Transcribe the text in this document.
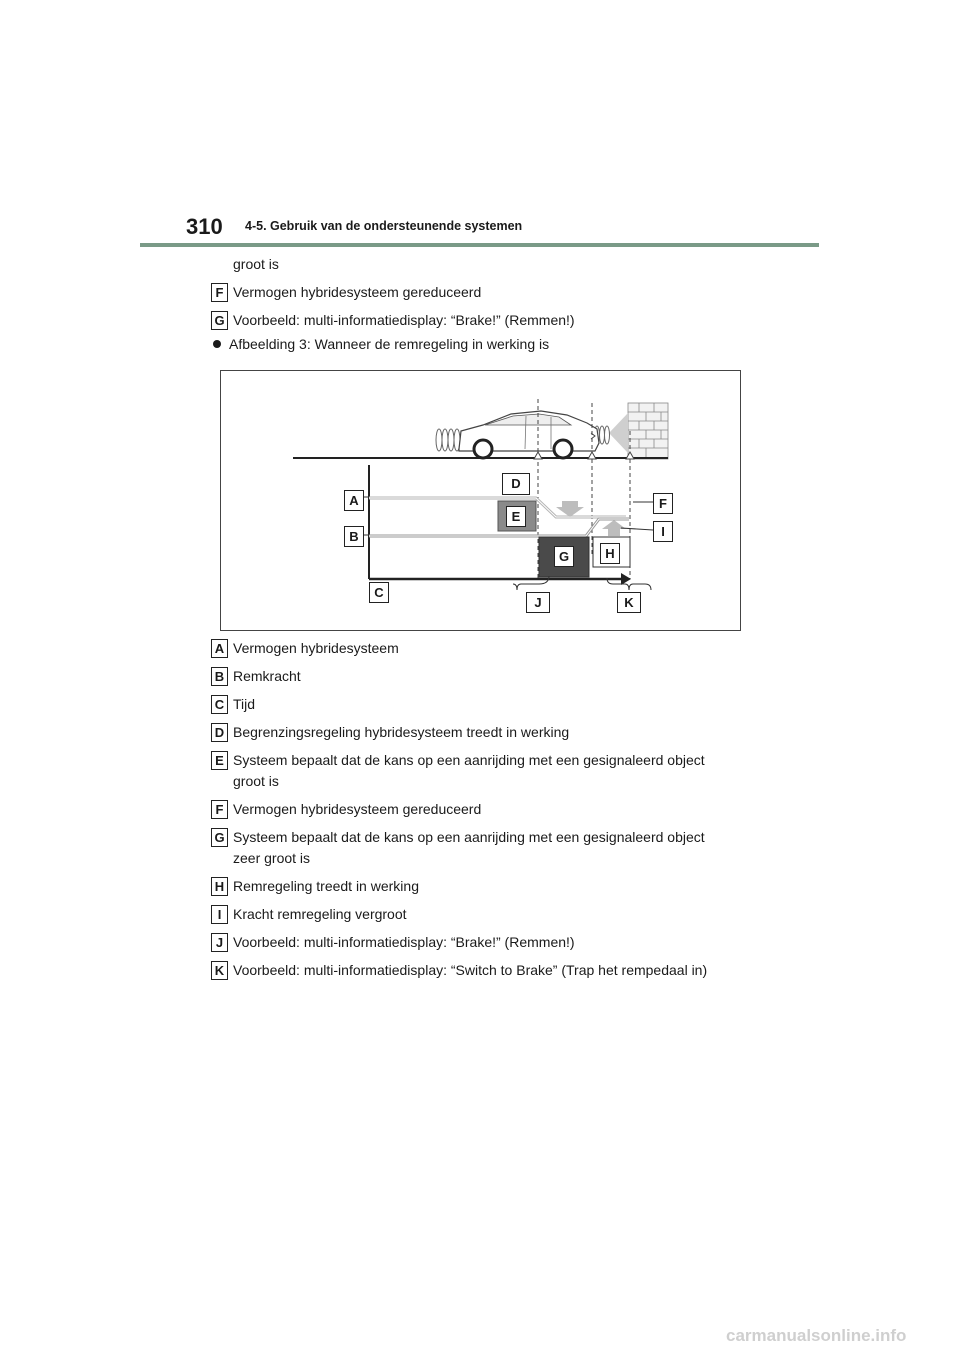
310 4-5. Gebruik van de ondersteunende systemen
groot is
F Vermogen hybridesysteem gereduceerd
G Voorbeeld: multi-informatiedisplay: “Brake!” (Remmen!)
Afbeelding 3: Wanneer de remregeling in werking is
A
B
C
D
E
F
G	H
I
J	K
A Vermogen hybridesysteem
B Remkracht
C Tijd
D Begrenzingsregeling hybridesysteem treedt in werking
E Systeem bepaalt dat de kans op een aanrijding met een gesignaleerd object
groot is
F Vermogen hybridesysteem gereduceerd
G Systeem bepaalt dat de kans op een aanrijding met een gesignaleerd object
zeer groot is
H Remregeling treedt in werking
I Kracht remregeling vergroot
J Voorbeeld: multi-informatiedisplay: “Brake!” (Remmen!)
K Voorbeeld: multi-informatiedisplay: “Switch to Brake” (Trap het rempedaal in)
carmanualsonline.info
